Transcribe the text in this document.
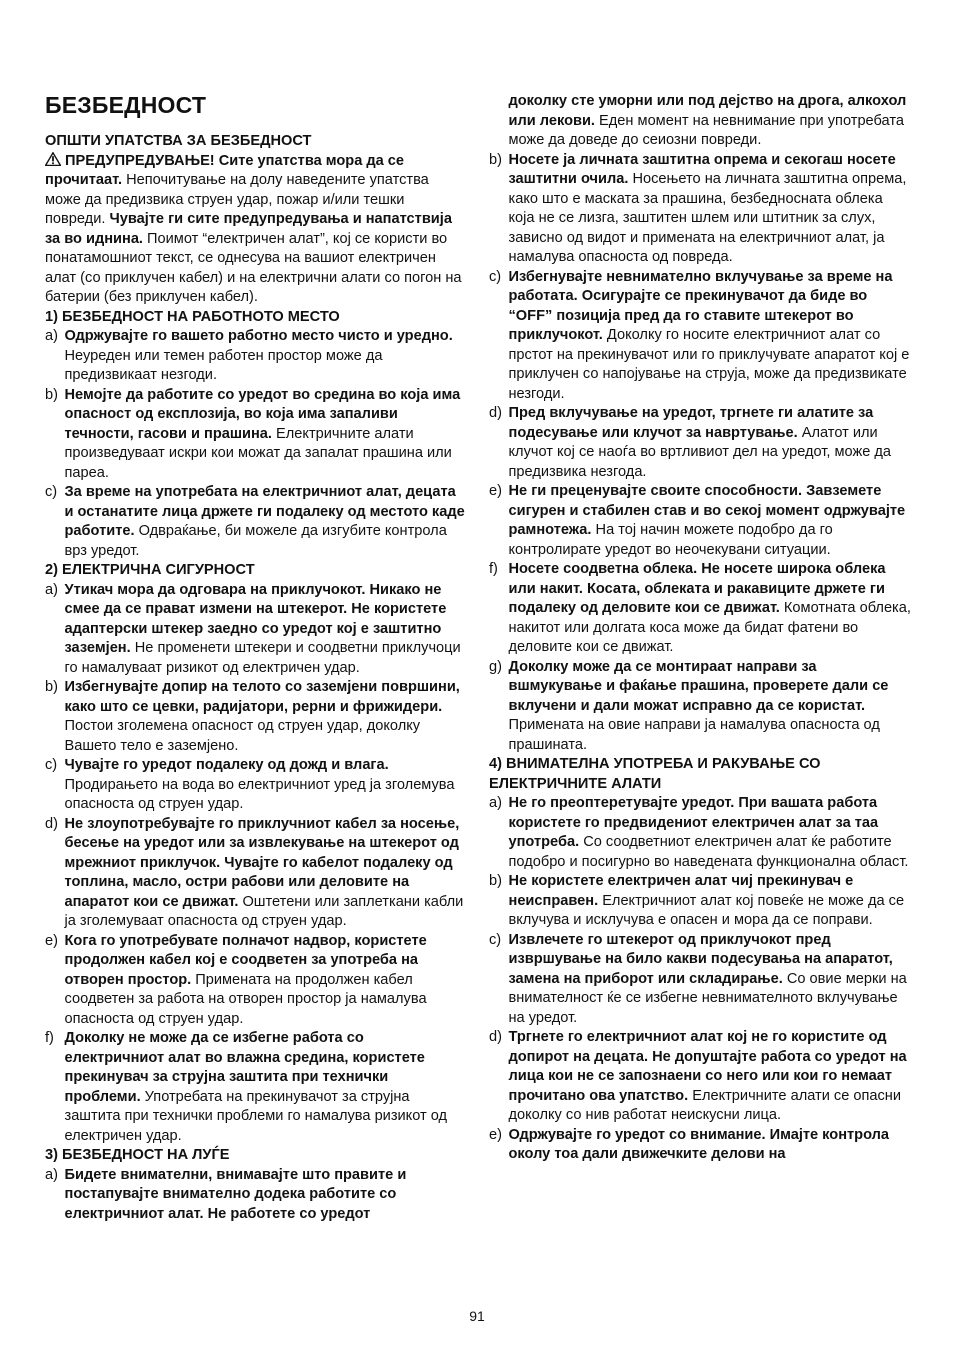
БЕЗБЕДНОСТ

ОПШТИ УПАТСТВА ЗА БЕЗБЕДНОСТ

ПРЕДУПРЕДУВАЊЕ! Сите упатства мора да се прочитаат. Непочитување на долу наведените упатства може да предизвика струен удар, пожар и/или тешки повреди. Чувајте ги сите предупредувања и напатствија за во иднина. Поимот “електричен алат”, кој се користи во понатамошниот текст, се однесува на вашиот електричен алат (со приклучен кабел) и на електрични алати со погон на батерии (без приклучен кабел).

1) БЕЗБЕДНОСТ НА РАБОТНОТО МЕСТО

a) Одржувајте го вашето работно место чисто и уредно. Неуреден или темен работен простор може да предизвикаат незгоди.

b) Немојте да работите со уредот во средина во која има опасност од експлозија, во која има запаливи течности, гасови и прашина. Електричните алати произведуваат искри кои можат да запалат прашина или пареа.

c) За време на употребата на електричниот алат, децата и останатите лица држете ги подалеку од местото каде работите. Одвраќање, би можеле да изгубите контрола врз уредот.

2) ЕЛЕКТРИЧНА СИГУРНОСТ

a) Утикач мора да одговара на приклучокот. Никако не смее да се прават измени на штекерот. Не користете адаптерски штекер заедно со уредот кој е заштитно заземјен. Не променети штекери и соодветни приклучоци го намалуваат ризикот од електричен удар.

b) Избегнувајте допир на телото со заземјени површини, како што се цевки, радијатори, рерни и фрижидери. Постои зголемена опасност од струен удар, доколку Вашето тело е заземјено.

c) Чувајте го уредот подалеку од дожд и влага. Продирањето на вода во електричниот уред ја зголемува опасноста од струен удар.

d) Не злоупотребувајте го приклучниот кабел за носење, бесење на уредот или за извлекување на штекерот од мрежниот приклучок. Чувајте го кабелот подалеку од топлина, масло, остри рабови или деловите на апаратот кои се движат. Оштетени или заплеткани кабли ја зголемуваат опасноста од струен удар.

e) Кога го употребувате полначот надвор, користете продолжен кабел кој е соодветен за употреба на отворен простор. Примената на продолжен кабел соодветен за работа на отворен простор ја намалува опасноста од струен удар.

f) Доколку не може да се избегне работа со електричниот алат во влажна средина, користете прекинувач за струјна заштита при технички проблеми. Употребата на прекинувачот за струјна заштита при технички проблеми го намалува ризикот од електричен удар.

3) БЕЗБЕДНОСТ НА ЛУЃЕ

a) Бидете внимателни, внимавајте што правите и постапувајте внимателно додека работите со електричниот алат. Не работете со уредот

доколку сте уморни или под дејство на дрога, алкохол или лекови. Еден момент на невнимание при употребата може да доведе до сеиозни повреди.

b) Носете ја личната заштитна опрема и секогаш носете заштитни очила. Носењето на личната заштитна опрема, како што е маската за прашина, безбедносната облека која не се лизга, заштитен шлем или штитник за слух, зависно од видот и примената на електричниот алат, ја намалува опасноста од повреда.

c) Избегнувајте невнимателно вклучување за време на работата. Осигурајте се прекинувачот да биде во “OFF” позиција пред да го ставите штекерот во приклучокот. Доколку го носите електричниот алат со прстот на прекинувачот или го приклучувате апаратот кој е приклучен со напојување на струја, може да предизвикате незгоди.

d) Пред вклучување на уредот, тргнете ги алатите за подесување или клучот за навртување. Алатот или клучот кој се наоѓа во вртливиот дел на уредот, може да предизвика незгода.

e) Не ги преценувајте своите способности. Завземете сигурен и стабилен став и во секој момент одржувајте рамнотежа. На тој начин можете подобро да го контролирате уредот во неочекувани ситуации.

f) Носете соодветна облека. Не носете широка облека или накит. Косата, облеката и ракавиците држете ги подалеку од деловите кои се движат. Комотната облека, накитот или долгата коса може да бидат фатени во деловите кои се движат.

g) Доколку може да се монтираат направи за вшмукување и фаќање прашина, проверете дали се вклучени и дали можат исправно да се користат. Примената на овие направи ја намалува опасноста од прашината.

4) ВНИМАТЕЛНА УПОТРЕБА И РАКУВАЊЕ СО ЕЛЕКТРИЧНИТЕ АЛАТИ

a) Не го преоптеретувајте уредот. При вашата работа користете го предвидениот електричен алат за таа употреба. Со соодветниот електричен алат ќе работите подобро и посигурно во наведената функционална област.

b) Не користете електричен алат чиј прекинувач е неисправен. Електричниот алат кој повеќе не може да се вклучува и исклучува е опасен и мора да се поправи.

c) Извлечете го штекерот од приклучокот пред извршување на било какви подесувања на апаратот, замена на приборот или складирање. Со овие мерки на внимателност ќе се избегне невнимателното вклучување на уредот.

d) Тргнете го електричниот алат кој не го користите од допирот на децата. Не допуштајте работа со уредот на лица кои не се запознаени со него или кои го немаат прочитано ова упатство. Електричните алати се опасни доколку со нив работат неискусни лица.

e) Одржувајте го уредот со внимание. Имајте контрола околу тоа дали движечките делови на

91
